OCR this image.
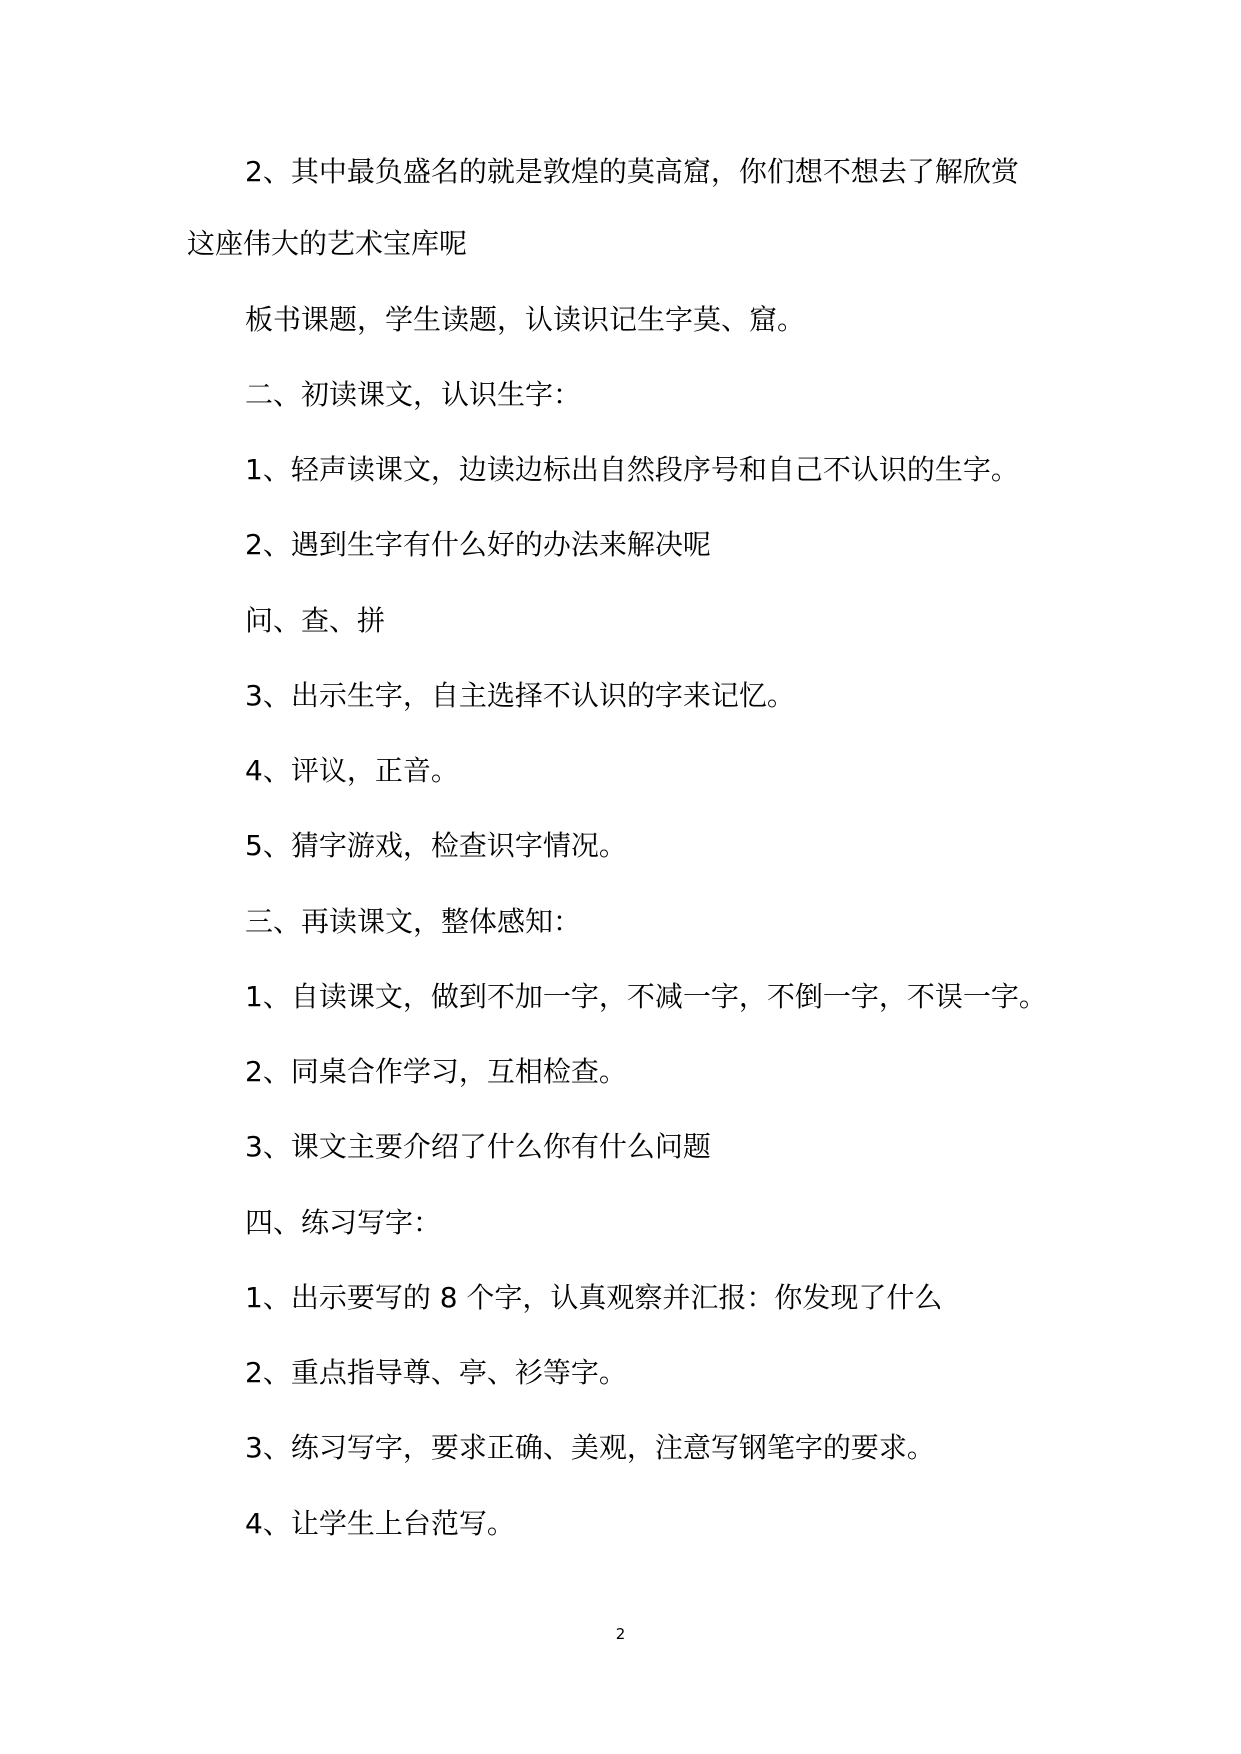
2、其中最负盛名的就是敦煌的莫高窟，你们想不想去了解欣赏
这座伟大的艺术宝库呢
板书课题，学生读题，认读识记生字莫、窟。
二、初读课文，认识生字：
1、轻声读课文，边读边标出自然段序号和自己不认识的生字。
2、遇到生字有什么好的办法来解决呢
问、查、拼
3、出示生字，自主选择不认识的字来记忆。
4、评议，正音。
5、猜字游戏，检查识字情况。
三、再读课文，整体感知：
1、自读课文，做到不加一字，不减一字，不倒一字，不误一字。
2、同桌合作学习，互相检查。
3、课文主要介绍了什么你有什么问题
四、练习写字：
1、出示要写的 8 个字，认真观察并汇报：你发现了什么
2、重点指导尊、亭、衫等字。
3、练习写字，要求正确、美观，注意写钢笔字的要求。
4、让学生上台范写。
2
